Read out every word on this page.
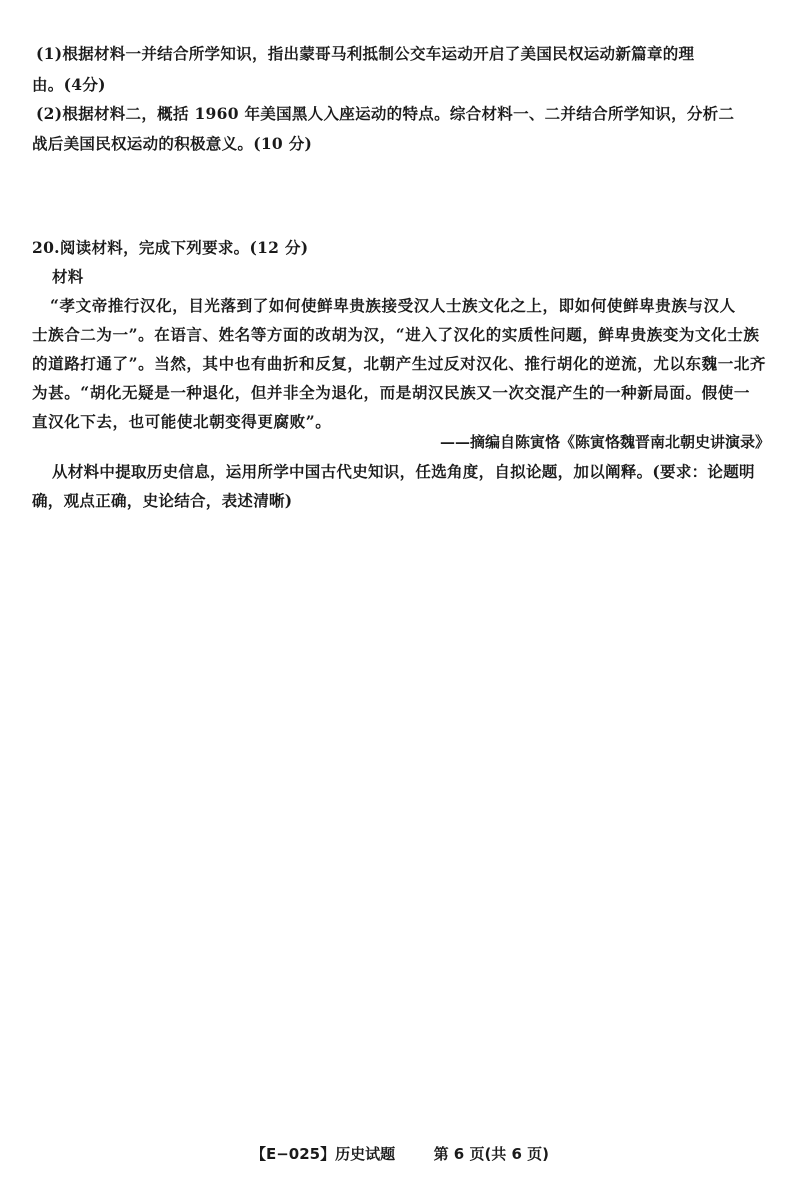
(1)根据材料一并结合所学知识，指出蒙哥马利抵制公交车运动开启了美国民权运动新篇章的理
由。(4分)
(2)根据材料二，概括 1960 年美国黑人入座运动的特点。综合材料一、二并结合所学知识，分析二
战后美国民权运动的积极意义。(10 分)
20.阅读材料，完成下列要求。(12 分)
材料
“孝文帝推行汉化，目光落到了如何使鲜卑贵族接受汉人士族文化之上，即如何使鲜卑贵族与汉人
士族合二为一”。在语言、姓名等方面的改胡为汉，“进入了汉化的实质性问题，鲜卑贵族变为文化士族
的道路打通了”。当然，其中也有曲折和反复，北朝产生过反对汉化、推行胡化的逆流，尤以东魏一北齐
为甚。“胡化无疑是一种退化，但并非全为退化，而是胡汉民族又一次交混产生的一种新局面。假使一
直汉化下去，也可能使北朝变得更腐败”。
——摘编自陈寅恪《陈寅恪魏晋南北朝史讲演录》
从材料中提取历史信息，运用所学中国古代史知识，任选角度，自拟论题，加以阐释。(要求：论题明
确，观点正确，史论结合，表述清晰)
【E−025】历史试题	第 6 页(共 6 页)
